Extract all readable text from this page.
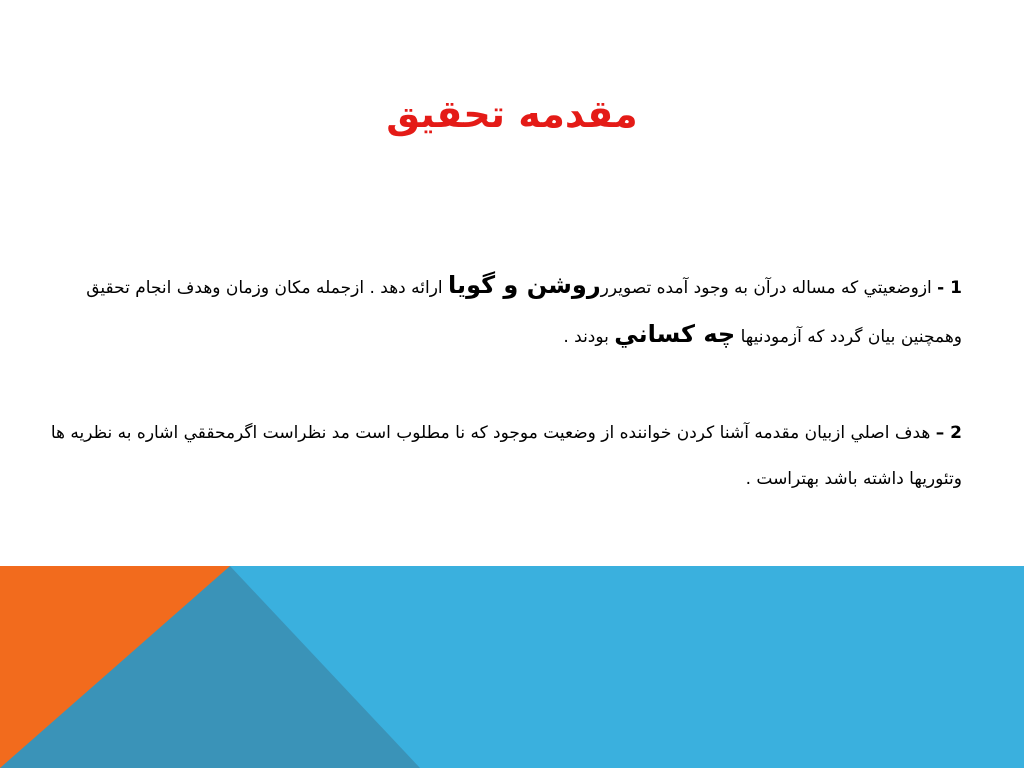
مقدمه تحقیق
1 - ازوضعيتي كه مساله درآن به وجود آمده تصويررروشن و گويا ارائه دهد . ازجمله مكان وزمان وهدف انجام تحقيق وهمچنين بيان گردد كه آزمودنيها چه كساني بودند .
2 – هدف اصلي ازبيان مقدمه آشنا كردن خواننده از وضعيت موجود كه نا مطلوب است مد نظراست اگرمحققي اشاره به نظريه ها وتئوريها داشته باشد بهتراست .
